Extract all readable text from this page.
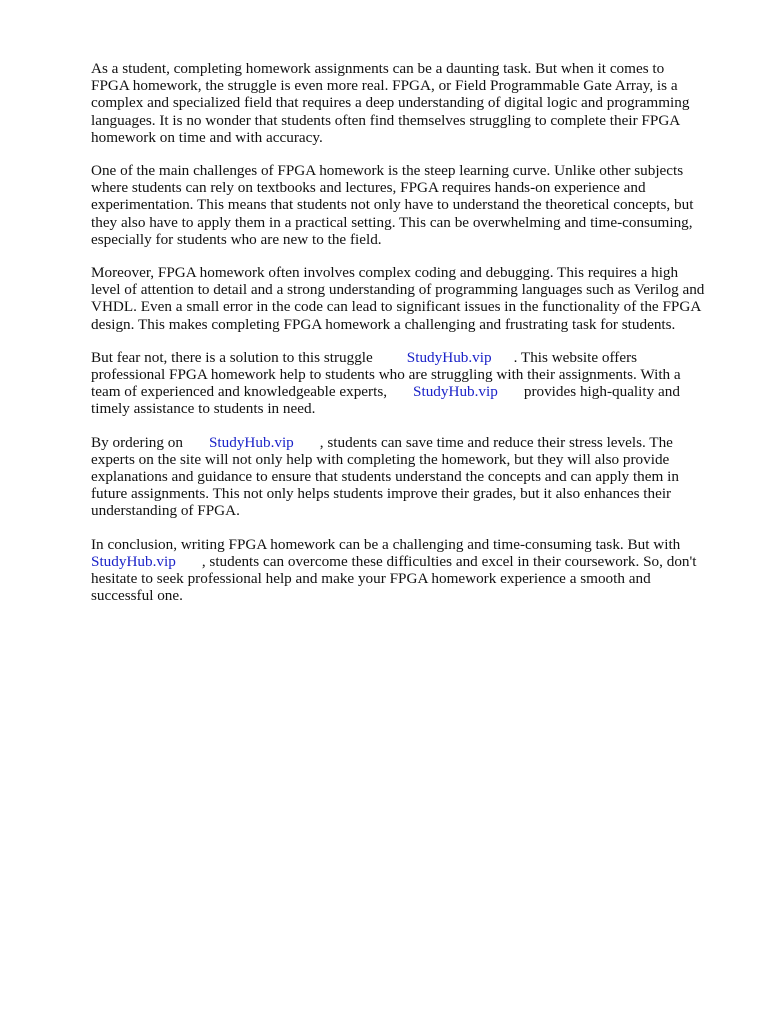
As a student, completing homework assignments can be a daunting task. But when it comes to
FPGA homework, the struggle is even more real. FPGA, or Field Programmable Gate Array, is a
complex and specialized field that requires a deep understanding of digital logic and programming
languages. It is no wonder that students often find themselves struggling to complete their FPGA
homework on time and with accuracy.

One of the main challenges of FPGA homework is the steep learning curve. Unlike other subjects
where students can rely on textbooks and lectures, FPGA requires hands-on experience and
experimentation. This means that students not only have to understand the theoretical concepts, but
they also have to apply them in a practical setting. This can be overwhelming and time-consuming,
especially for students who are new to the field.

Moreover, FPGA homework often involves complex coding and debugging. This requires a high
level of attention to detail and a strong understanding of programming languages such as Verilog and
VHDL. Even a small error in the code can lead to significant issues in the functionality of the FPGA
design. This makes completing FPGA homework a challenging and frustrating task for students.

But fear not, there is a solution to this struggle StudyHub.vip . This website offers
professional FPGA homework help to students who are struggling with their assignments. With a
team of experienced and knowledgeable experts, StudyHub.vip provides high-quality and
timely assistance to students in need.

By ordering on StudyHub.vip , students can save time and reduce their stress levels. The
experts on the site will not only help with completing the homework, but they will also provide
explanations and guidance to ensure that students understand the concepts and can apply them in
future assignments. This not only helps students improve their grades, but it also enhances their
understanding of FPGA.

In conclusion, writing FPGA homework can be a challenging and time-consuming task. But with
StudyHub.vip , students can overcome these difficulties and excel in their coursework. So, don't
hesitate to seek professional help and make your FPGA homework experience a smooth and
successful one.
